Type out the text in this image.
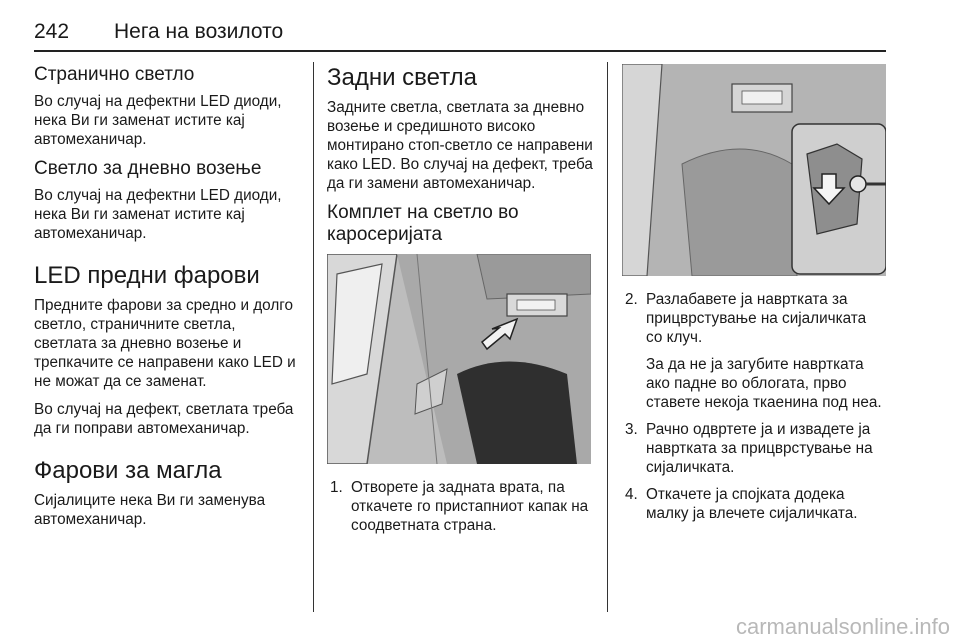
242 Нега на возилото
Странично светло
Во случај на дефектни LED диоди, нека Ви ги заменат истите кај автомеханичар.
Светло за дневно возење
Во случај на дефектни LED диоди, нека Ви ги заменат истите кај автомеханичар.
LED предни фарови
Предните фарови за средно и долго светло, страничните светла, светлата за дневно возење и трепкачите се направени како LED и не можат да се заменат.
Во случај на дефект, светлата треба да ги поправи автомеханичар.
Фарови за магла
Сијалиците нека Ви ги заменува автомеханичар.
Задни светла
Задните светла, светлата за дневно возење и средишното високо монтирано стоп-светло се направени како LED. Во случај на дефект, треба да ги замени автомеханичар.
Комплет на светло во каросеријата
1. Отворете ја задната врата, па откачете го пристапниот капак на соодветната страна.
2. Разлабавете ја навртката за прицврстување на сијаличката со клуч.
За да не ја загубите навртката ако падне во облогата, прво ставете некоја ткаенина под неа.
3. Рачно одвртете ја и извадете ја навртката за прицврстување на сијаличката.
4. Откачете ја спојката додека малку ја влечете сијаличката.
carmanualsonline.info
